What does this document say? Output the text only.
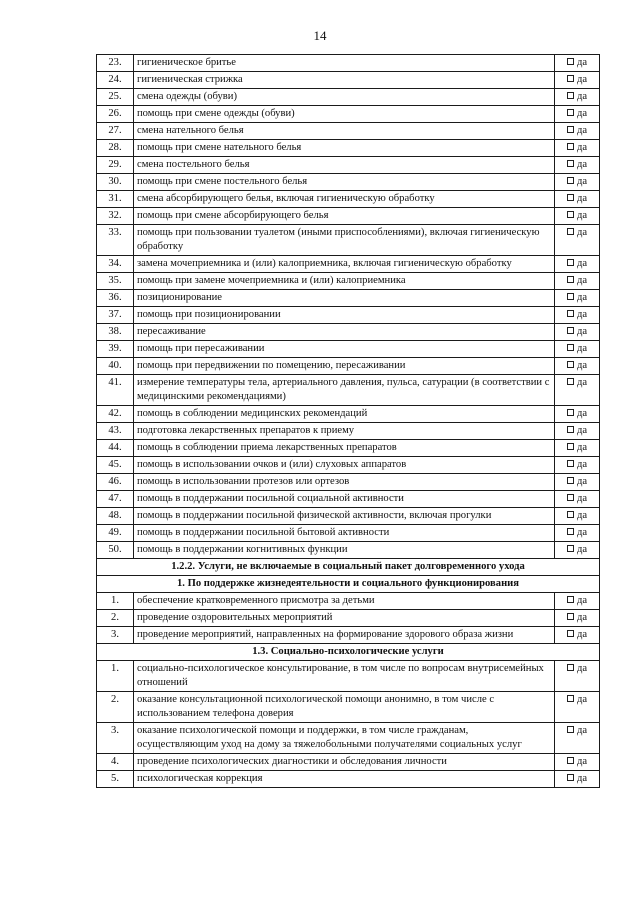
14
23.	гигиеническое бритье	да
24.	гигиеническая стрижка	да
25.	смена одежды (обуви)	да
26.	помощь при смене одежды (обуви)	да
27.	смена нательного белья	да
28.	помощь при смене нательного белья	да
29.	смена постельного белья	да
30.	помощь при смене постельного белья	да
31.	смена абсорбирующего белья, включая гигиеническую обработку	да
32.	помощь при смене абсорбирующего белья	да
33.	помощь при пользовании туалетом (иными приспособлениями), включая гигиеническую обработку	да
34.	замена мочеприемника и (или) калоприемника, включая гигиеническую обработку	да
35.	помощь при замене мочеприемника и (или) калоприемника	да
36.	позиционирование	да
37.	помощь при позиционировании	да
38.	пересаживание	да
39.	помощь при пересаживании	да
40.	помощь при передвижении по помещению, пересаживании	да
41.	измерение температуры тела, артериального давления, пульса, сатурации (в соответствии с медицинскими рекомендациями)	да
42.	помощь в соблюдении медицинских рекомендаций	да
43.	подготовка лекарственных препаратов к приему	да
44.	помощь в соблюдении приема лекарственных препаратов	да
45.	помощь в использовании очков и (или) слуховых аппаратов	да
46.	помощь в использовании протезов или ортезов	да
47.	помощь в поддержании посильной социальной активности	да
48.	помощь в поддержании посильной физической активности, включая прогулки	да
49.	помощь в поддержании посильной бытовой активности	да
50.	помощь в поддержании когнитивных функции	да
1.2.2. Услуги, не включаемые в социальный пакет долговременного ухода		
1. По поддержке жизнедеятельности и социального функционирования		
1.	обеспечение кратковременного присмотра за детьми	да
2.	проведение оздоровительных мероприятий	да
3.	проведение мероприятий, направленных на формирование здорового образа жизни	да
1.3. Социально-психологические услуги		
1.	социально-психологическое консультирование, в том числе по вопросам внутрисемейных отношений	да
2.	оказание консультационной психологической помощи анонимно, в том числе с использованием телефона доверия	да
3.	оказание психологической помощи и поддержки, в том числе гражданам, осуществляющим уход на дому за тяжелобольными получателями социальных услуг	да
4.	проведение психологических диагностики и обследования личности	да
5.	психологическая коррекция	да
